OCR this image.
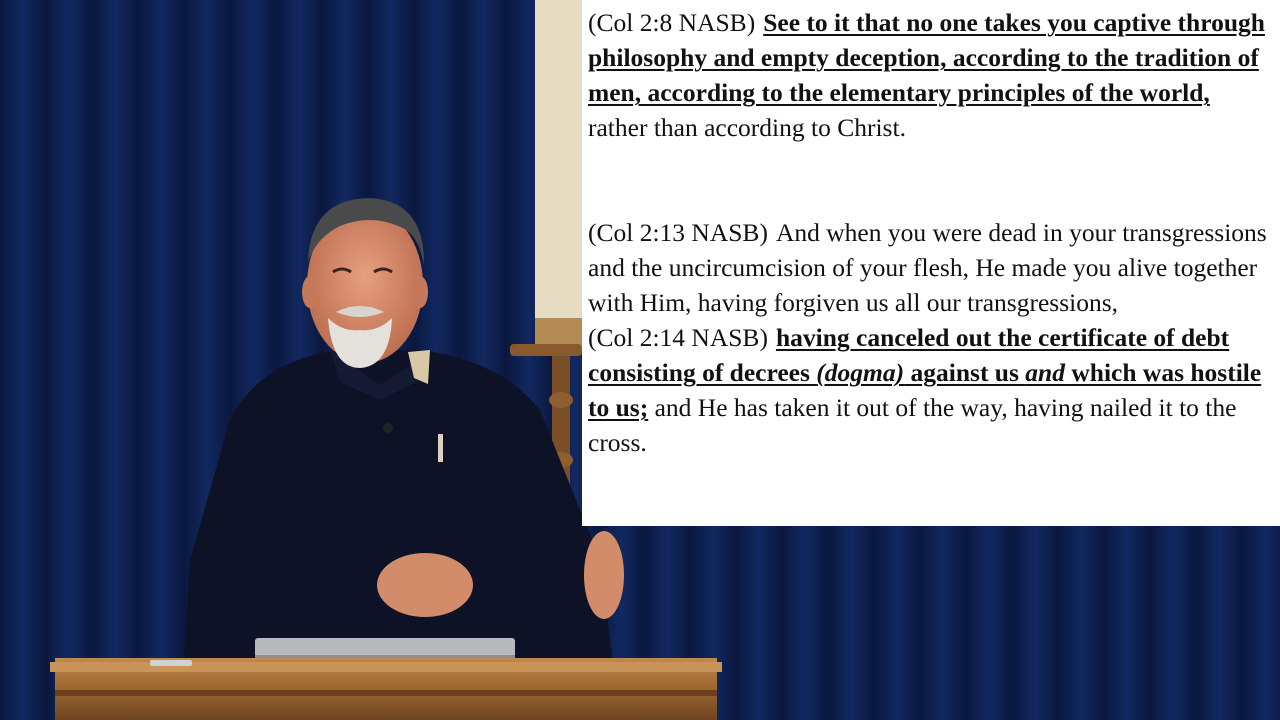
(Col 2:8 NASB) See to it that no one takes you captive through philosophy and empty deception, according to the tradition of men, according to the elementary principles of the world, rather than according to Christ.

(Col 2:13 NASB) And when you were dead in your transgressions and the uncircumcision of your flesh, He made you alive together with Him, having forgiven us all our transgressions,

(Col 2:14 NASB) having canceled out the certificate of debt consisting of decrees (dogma) against us and which was hostile to us; and He has taken it out of the way, having nailed it to the cross.
